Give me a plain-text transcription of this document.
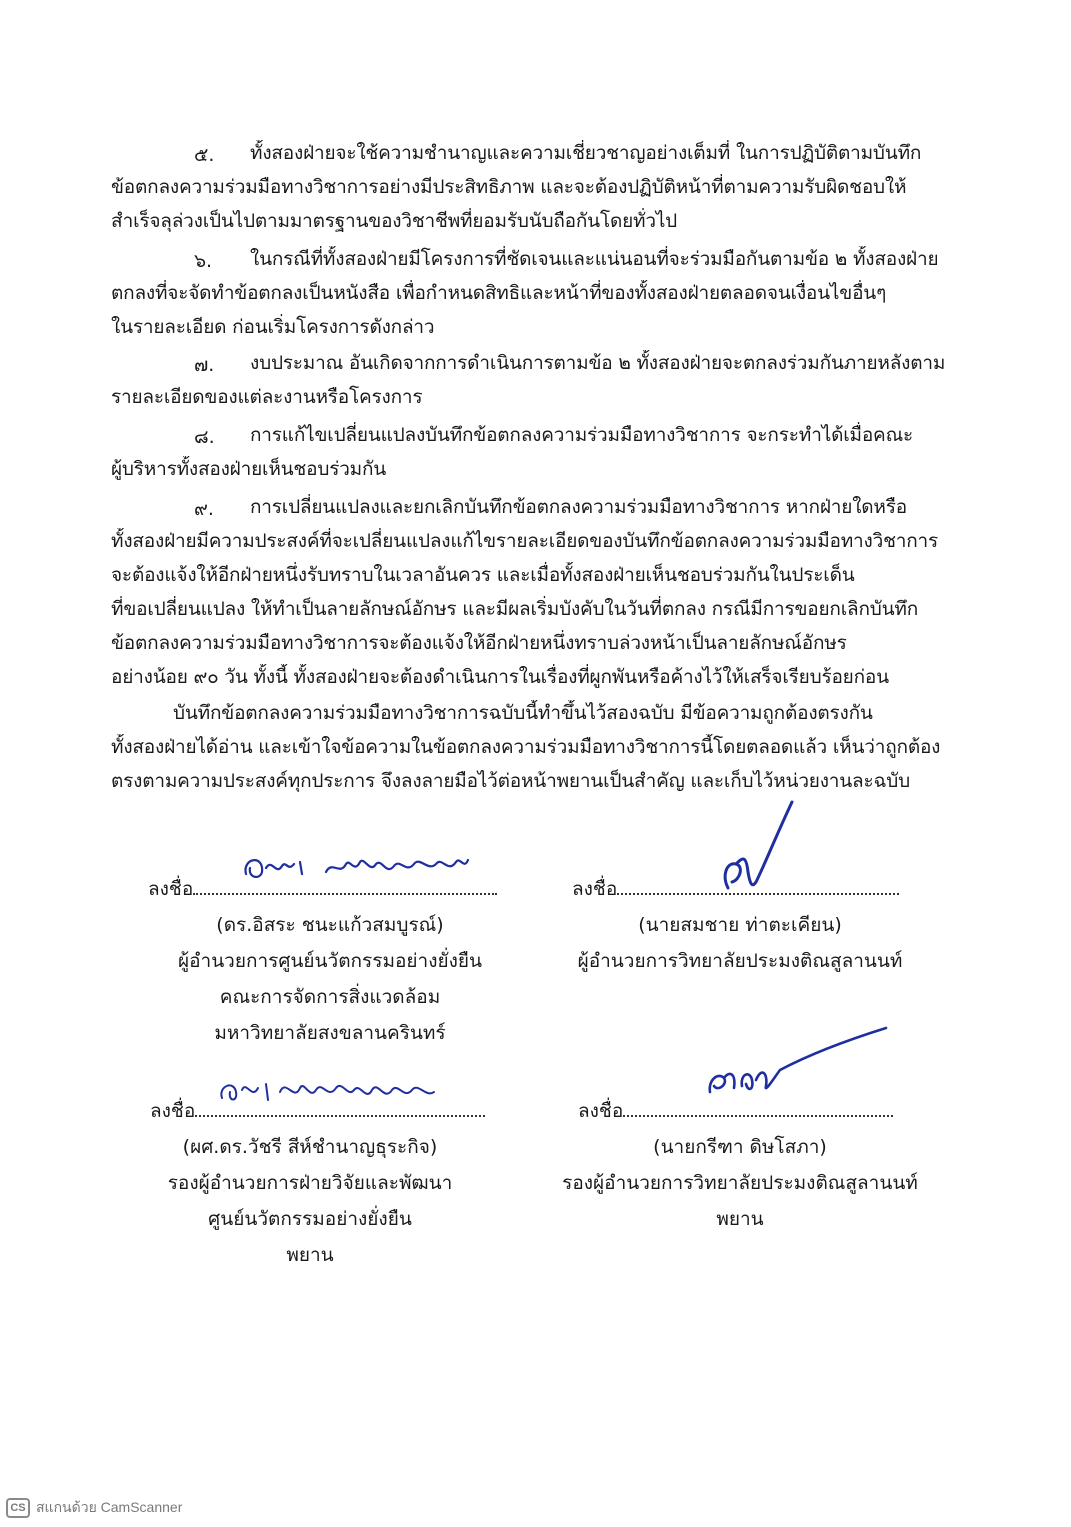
๕. ทั้งสองฝ่ายจะใช้ความชำนาญและความเชี่ยวชาญอย่างเต็มที่ ในการปฏิบัติตามบันทึก
ข้อตกลงความร่วมมือทางวิชาการอย่างมีประสิทธิภาพ และจะต้องปฏิบัติหน้าที่ตามความรับผิดชอบให้
สำเร็จลุล่วงเป็นไปตามมาตรฐานของวิชาชีพที่ยอมรับนับถือกันโดยทั่วไป
๖. ในกรณีที่ทั้งสองฝ่ายมีโครงการที่ชัดเจนและแน่นอนที่จะร่วมมือกันตามข้อ ๒ ทั้งสองฝ่าย
ตกลงที่จะจัดทำข้อตกลงเป็นหนังสือ เพื่อกำหนดสิทธิและหน้าที่ของทั้งสองฝ่ายตลอดจนเงื่อนไขอื่นๆ
ในรายละเอียด ก่อนเริ่มโครงการดังกล่าว
๗. งบประมาณ อันเกิดจากการดำเนินการตามข้อ ๒ ทั้งสองฝ่ายจะตกลงร่วมกันภายหลังตาม
รายละเอียดของแต่ละงานหรือโครงการ
๘. การแก้ไขเปลี่ยนแปลงบันทึกข้อตกลงความร่วมมือทางวิชาการ จะกระทำได้เมื่อคณะ
ผู้บริหารทั้งสองฝ่ายเห็นชอบร่วมกัน
๙. การเปลี่ยนแปลงและยกเลิกบันทึกข้อตกลงความร่วมมือทางวิชาการ หากฝ่ายใดหรือ
ทั้งสองฝ่ายมีความประสงค์ที่จะเปลี่ยนแปลงแก้ไขรายละเอียดของบันทึกข้อตกลงความร่วมมือทางวิชาการ
จะต้องแจ้งให้อีกฝ่ายหนึ่งรับทราบในเวลาอันควร และเมื่อทั้งสองฝ่ายเห็นชอบร่วมกันในประเด็น
ที่ขอเปลี่ยนแปลง ให้ทำเป็นลายลักษณ์อักษร และมีผลเริ่มบังคับในวันที่ตกลง กรณีมีการขอยกเลิกบันทึก
ข้อตกลงความร่วมมือทางวิชาการจะต้องแจ้งให้อีกฝ่ายหนึ่งทราบล่วงหน้าเป็นลายลักษณ์อักษร
อย่างน้อย ๙๐ วัน ทั้งนี้ ทั้งสองฝ่ายจะต้องดำเนินการในเรื่องที่ผูกพันหรือค้างไว้ให้เสร็จเรียบร้อยก่อน
บันทึกข้อตกลงความร่วมมือทางวิชาการฉบับนี้ทำขึ้นไว้สองฉบับ มีข้อความถูกต้องตรงกัน
ทั้งสองฝ่ายได้อ่าน และเข้าใจข้อความในข้อตกลงความร่วมมือทางวิชาการนี้โดยตลอดแล้ว เห็นว่าถูกต้อง
ตรงตามความประสงค์ทุกประการ จึงลงลายมือไว้ต่อหน้าพยานเป็นสำคัญ และเก็บไว้หน่วยงานละฉบับ
ลงชื่อ
(ดร.อิสระ ชนะแก้วสมบูรณ์)
ผู้อำนวยการศูนย์นวัตกรรมอย่างยั่งยืน
คณะการจัดการสิ่งแวดล้อม
มหาวิทยาลัยสงขลานครินทร์
ลงชื่อ
(นายสมชาย ท่าตะเคียน)
ผู้อำนวยการวิทยาลัยประมงติณสูลานนท์
ลงชื่อ
(ผศ.ดร.วัชรี สีห์ชำนาญธุระกิจ)
รองผู้อำนวยการฝ่ายวิจัยและพัฒนา
ศูนย์นวัตกรรมอย่างยั่งยืน
พยาน
ลงชื่อ
(นายกรีฑา ดิษโสภา)
รองผู้อำนวยการวิทยาลัยประมงติณสูลานนท์
พยาน
CS สแกนด้วย CamScanner
